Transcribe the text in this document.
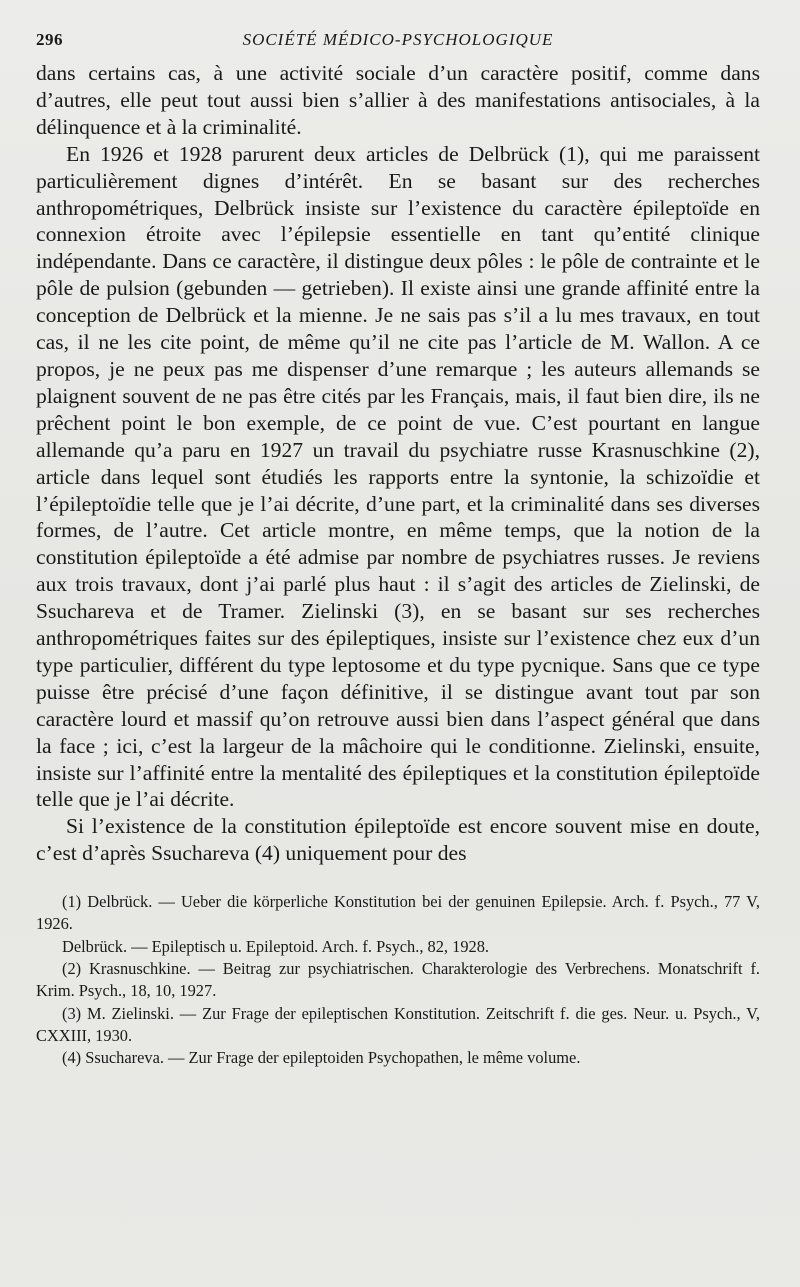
296	SOCIÉTÉ MÉDICO-PSYCHOLOGIQUE

dans certains cas, à une activité sociale d’un caractère positif, comme dans d’autres, elle peut tout aussi bien s’allier à des manifestations antisociales, à la délinquence et à la criminalité.

En 1926 et 1928 parurent deux articles de Delbrück (1), qui me paraissent particulièrement dignes d’intérêt. En se basant sur des recherches anthropométriques, Delbrück insiste sur l’existence du caractère épileptoïde en connexion étroite avec l’épilepsie essentielle en tant qu’entité clinique indépendante. Dans ce caractère, il distingue deux pôles : le pôle de contrainte et le pôle de pulsion (gebunden — getrieben). Il existe ainsi une grande affinité entre la conception de Delbrück et la mienne. Je ne sais pas s’il a lu mes travaux, en tout cas, il ne les cite point, de même qu’il ne cite pas l’article de M. Wallon. A ce propos, je ne peux pas me dispenser d’une remarque ; les auteurs allemands se plaignent souvent de ne pas être cités par les Français, mais, il faut bien dire, ils ne prêchent point le bon exemple, de ce point de vue. C’est pourtant en langue allemande qu’a paru en 1927 un travail du psychiatre russe Krasnuschkine (2), article dans lequel sont étudiés les rapports entre la syntonie, la schizoïdie et l’épileptoïdie telle que je l’ai décrite, d’une part, et la criminalité dans ses diverses formes, de l’autre. Cet article montre, en même temps, que la notion de la constitution épileptoïde a été admise par nombre de psychiatres russes. Je reviens aux trois travaux, dont j’ai parlé plus haut : il s’agit des articles de Zielinski, de Ssuchareva et de Tramer. Zielinski (3), en se basant sur ses recherches anthropométriques faites sur des épileptiques, insiste sur l’existence chez eux d’un type particulier, différent du type leptosome et du type pycnique. Sans que ce type puisse être précisé d’une façon définitive, il se distingue avant tout par son caractère lourd et massif qu’on retrouve aussi bien dans l’aspect général que dans la face ; ici, c’est la largeur de la mâchoire qui le conditionne. Zielinski, ensuite, insiste sur l’affinité entre la mentalité des épileptiques et la constitution épileptoïde telle que je l’ai décrite.

Si l’existence de la constitution épileptoïde est encore souvent mise en doute, c’est d’après Ssuchareva (4) uniquement pour des

(1) Delbrück. — Ueber die körperliche Konstitution bei der genuinen Epilepsie. Arch. f. Psych., 77 V, 1926.

Delbrück. — Epileptisch u. Epileptoid. Arch. f. Psych., 82, 1928.

(2) Krasnuschkine. — Beitrag zur psychiatrischen. Charakterologie des Verbrechens. Monatschrift f. Krim. Psych., 18, 10, 1927.

(3) M. Zielinski. — Zur Frage der epileptischen Konstitution. Zeitschrift f. die ges. Neur. u. Psych., V, CXXIII, 1930.

(4) Ssuchareva. — Zur Frage der epileptoiden Psychopathen, le même volume.
